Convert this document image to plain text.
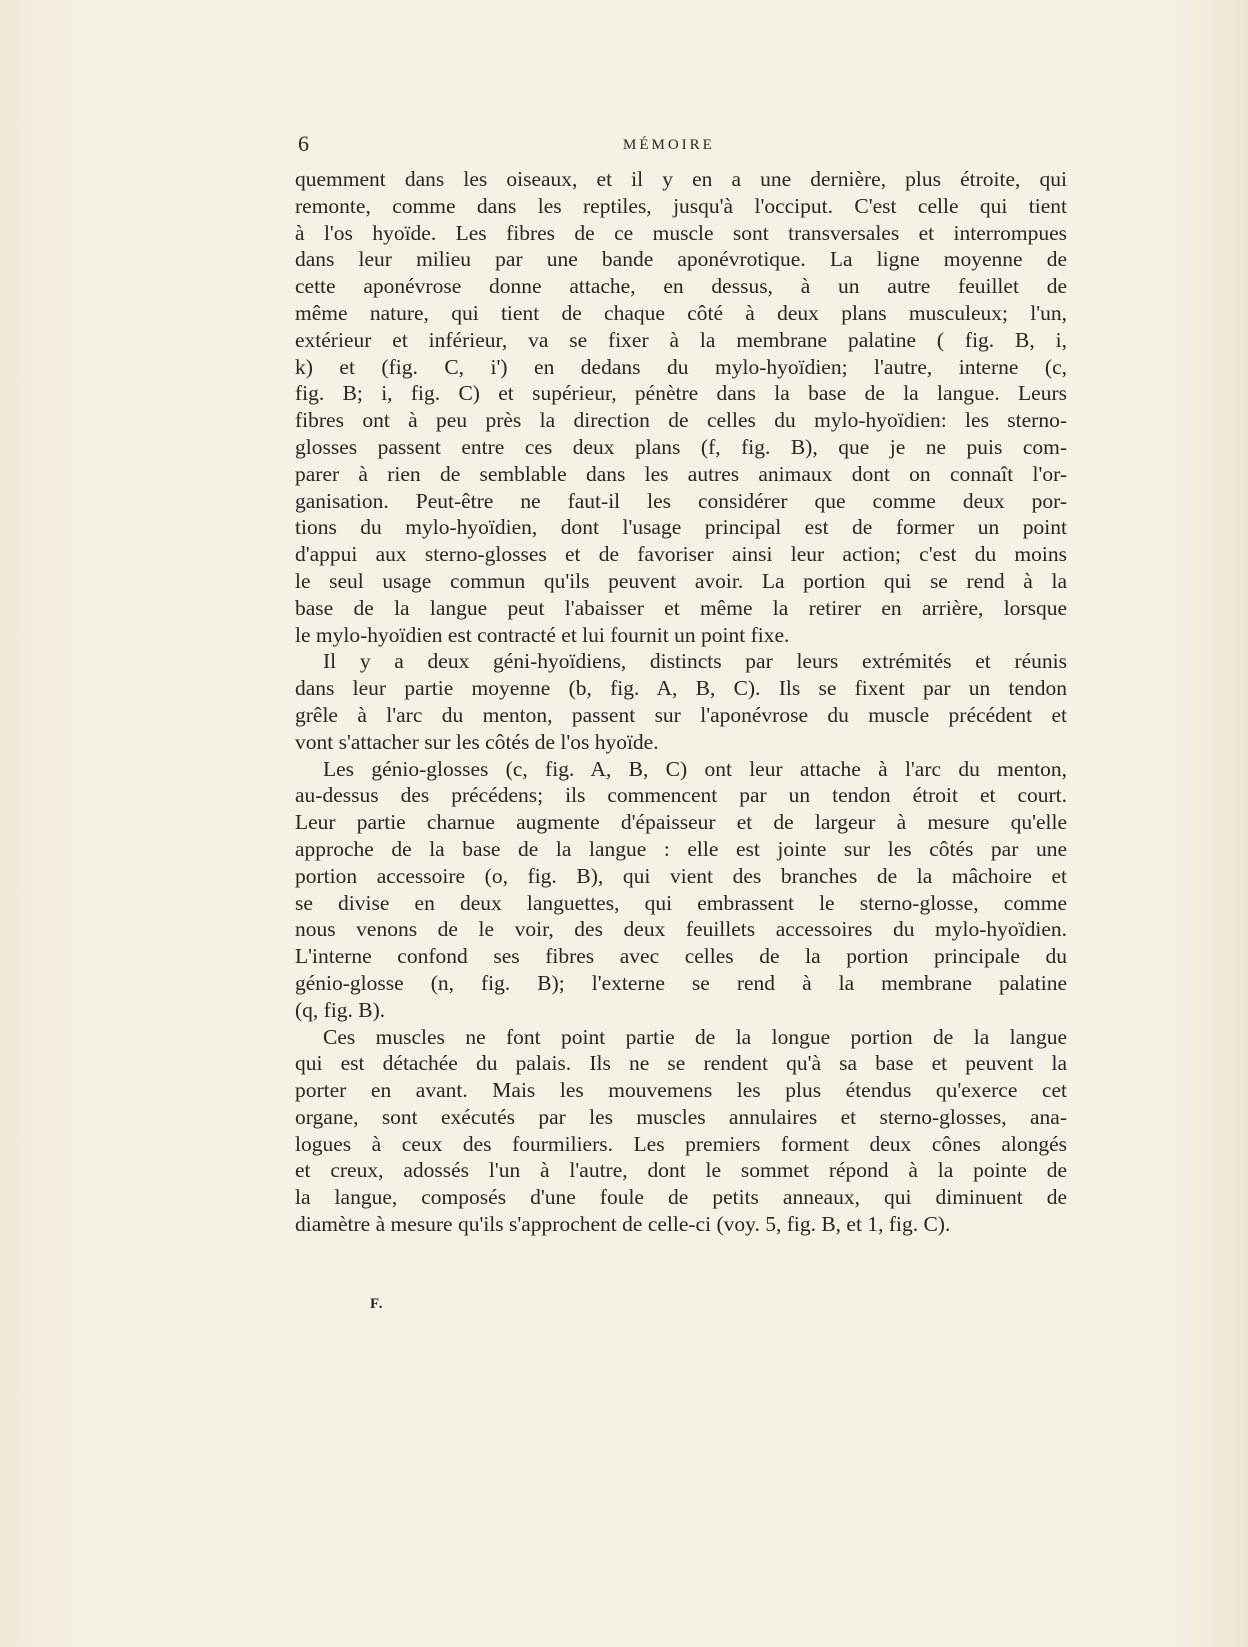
6	MÉMOIRE
quemment dans les oiseaux, et il y en a une dernière, plus étroite, qui
remonte, comme dans les reptiles, jusqu'à l'occiput. C'est celle qui tient
à l'os hyoïde. Les fibres de ce muscle sont transversales et interrompues
dans leur milieu par une bande aponévrotique. La ligne moyenne de
cette aponévrose donne attache, en dessus, à un autre feuillet de
même nature, qui tient de chaque côté à deux plans musculeux; l'un,
extérieur et inférieur, va se fixer à la membrane palatine ( fig. B, i,
k) et (fig. C, i') en dedans du mylo-hyoïdien; l'autre, interne (c,
fig. B; i, fig. C) et supérieur, pénètre dans la base de la langue. Leurs
fibres ont à peu près la direction de celles du mylo-hyoïdien: les sterno-
glosses passent entre ces deux plans (f, fig. B), que je ne puis com-
parer à rien de semblable dans les autres animaux dont on connaît l'or-
ganisation. Peut-être ne faut-il les considérer que comme deux por-
tions du mylo-hyoïdien, dont l'usage principal est de former un point
d'appui aux sterno-glosses et de favoriser ainsi leur action; c'est du moins
le seul usage commun qu'ils peuvent avoir. La portion qui se rend à la
base de la langue peut l'abaisser et même la retirer en arrière, lorsque
le mylo-hyoïdien est contracté et lui fournit un point fixe.
Il y a deux géni-hyoïdiens, distincts par leurs extrémités et réunis
dans leur partie moyenne (b, fig. A, B, C). Ils se fixent par un tendon
grêle à l'arc du menton, passent sur l'aponévrose du muscle précédent et
vont s'attacher sur les côtés de l'os hyoïde.
Les génio-glosses (c, fig. A, B, C) ont leur attache à l'arc du menton,
au-dessus des précédens; ils commencent par un tendon étroit et court.
Leur partie charnue augmente d'épaisseur et de largeur à mesure qu'elle
approche de la base de la langue : elle est jointe sur les côtés par une
portion accessoire (o, fig. B), qui vient des branches de la mâchoire et
se divise en deux languettes, qui embrassent le sterno-glosse, comme
nous venons de le voir, des deux feuillets accessoires du mylo-hyoïdien.
L'interne confond ses fibres avec celles de la portion principale du
génio-glosse (n, fig. B); l'externe se rend à la membrane palatine
(q, fig. B).
Ces muscles ne font point partie de la longue portion de la langue
qui est détachée du palais. Ils ne se rendent qu'à sa base et peuvent la
porter en avant. Mais les mouvemens les plus étendus qu'exerce cet
organe, sont exécutés par les muscles annulaires et sterno-glosses, ana-
logues à ceux des fourmiliers. Les premiers forment deux cônes alongés
et creux, adossés l'un à l'autre, dont le sommet répond à la pointe de
la langue, composés d'une foule de petits anneaux, qui diminuent de
diamètre à mesure qu'ils s'approchent de celle-ci (voy. 5, fig. B, et 1, fig. C).
F.
